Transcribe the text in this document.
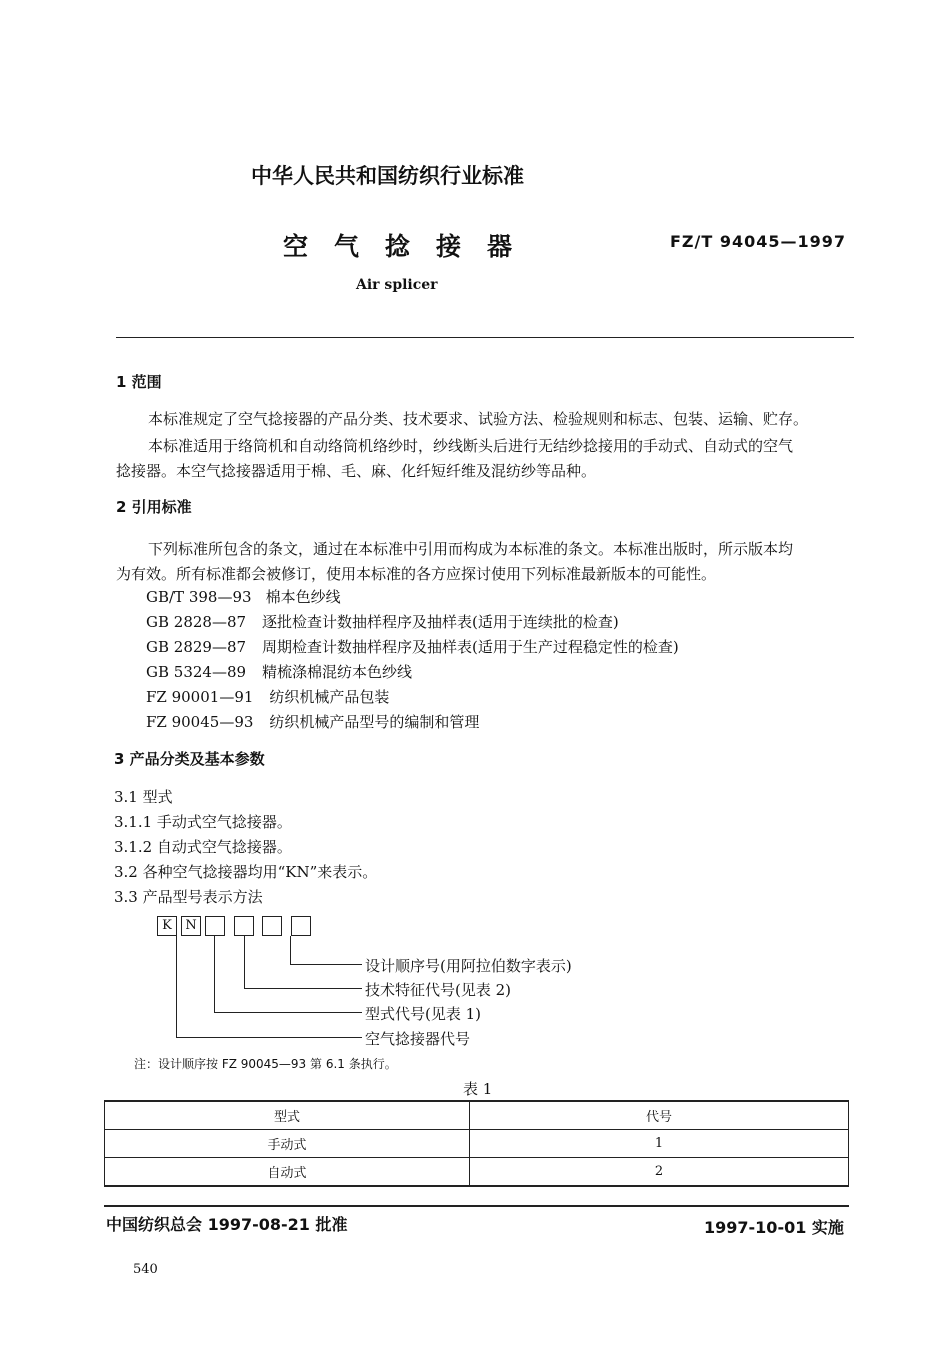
中华人民共和国纺织行业标准
空气捻接器	FZ/T 94045—1997
Air splicer
1 范围
本标准规定了空气捻接器的产品分类、技术要求、试验方法、检验规则和标志、包装、运输、贮存。
本标准适用于络筒机和自动络筒机络纱时，纱线断头后进行无结纱捻接用的手动式、自动式的空气
捻接器。本空气捻接器适用于棉、毛、麻、化纤短纤维及混纺纱等品种。
2 引用标准
下列标准所包含的条文，通过在本标准中引用而构成为本标准的条文。本标准出版时，所示版本均
为有效。所有标准都会被修订，使用本标准的各方应探讨使用下列标准最新版本的可能性。
GB/T 398—93 棉本色纱线
GB 2828—87 逐批检查计数抽样程序及抽样表(适用于连续批的检查)
GB 2829—87 周期检查计数抽样程序及抽样表(适用于生产过程稳定性的检查)
GB 5324—89 精梳涤棉混纺本色纱线
FZ 90001—91 纺织机械产品包装
FZ 90045—93 纺织机械产品型号的编制和管理
3 产品分类及基本参数
3.1 型式
3.1.1 手动式空气捻接器。
3.1.2 自动式空气捻接器。
3.2 各种空气捻接器均用“KN”来表示。
3.3 产品型号表示方法
K	N
设计顺序号(用阿拉伯数字表示)
技术特征代号(见表 2)
型式代号(见表 1)
空气捻接器代号
注：设计顺序按 FZ 90045—93 第 6.1 条执行。
表 1
型式	代号
手动式	1
自动式	2
中国纺织总会 1997-08-21 批准	1997-10-01 实施
540
